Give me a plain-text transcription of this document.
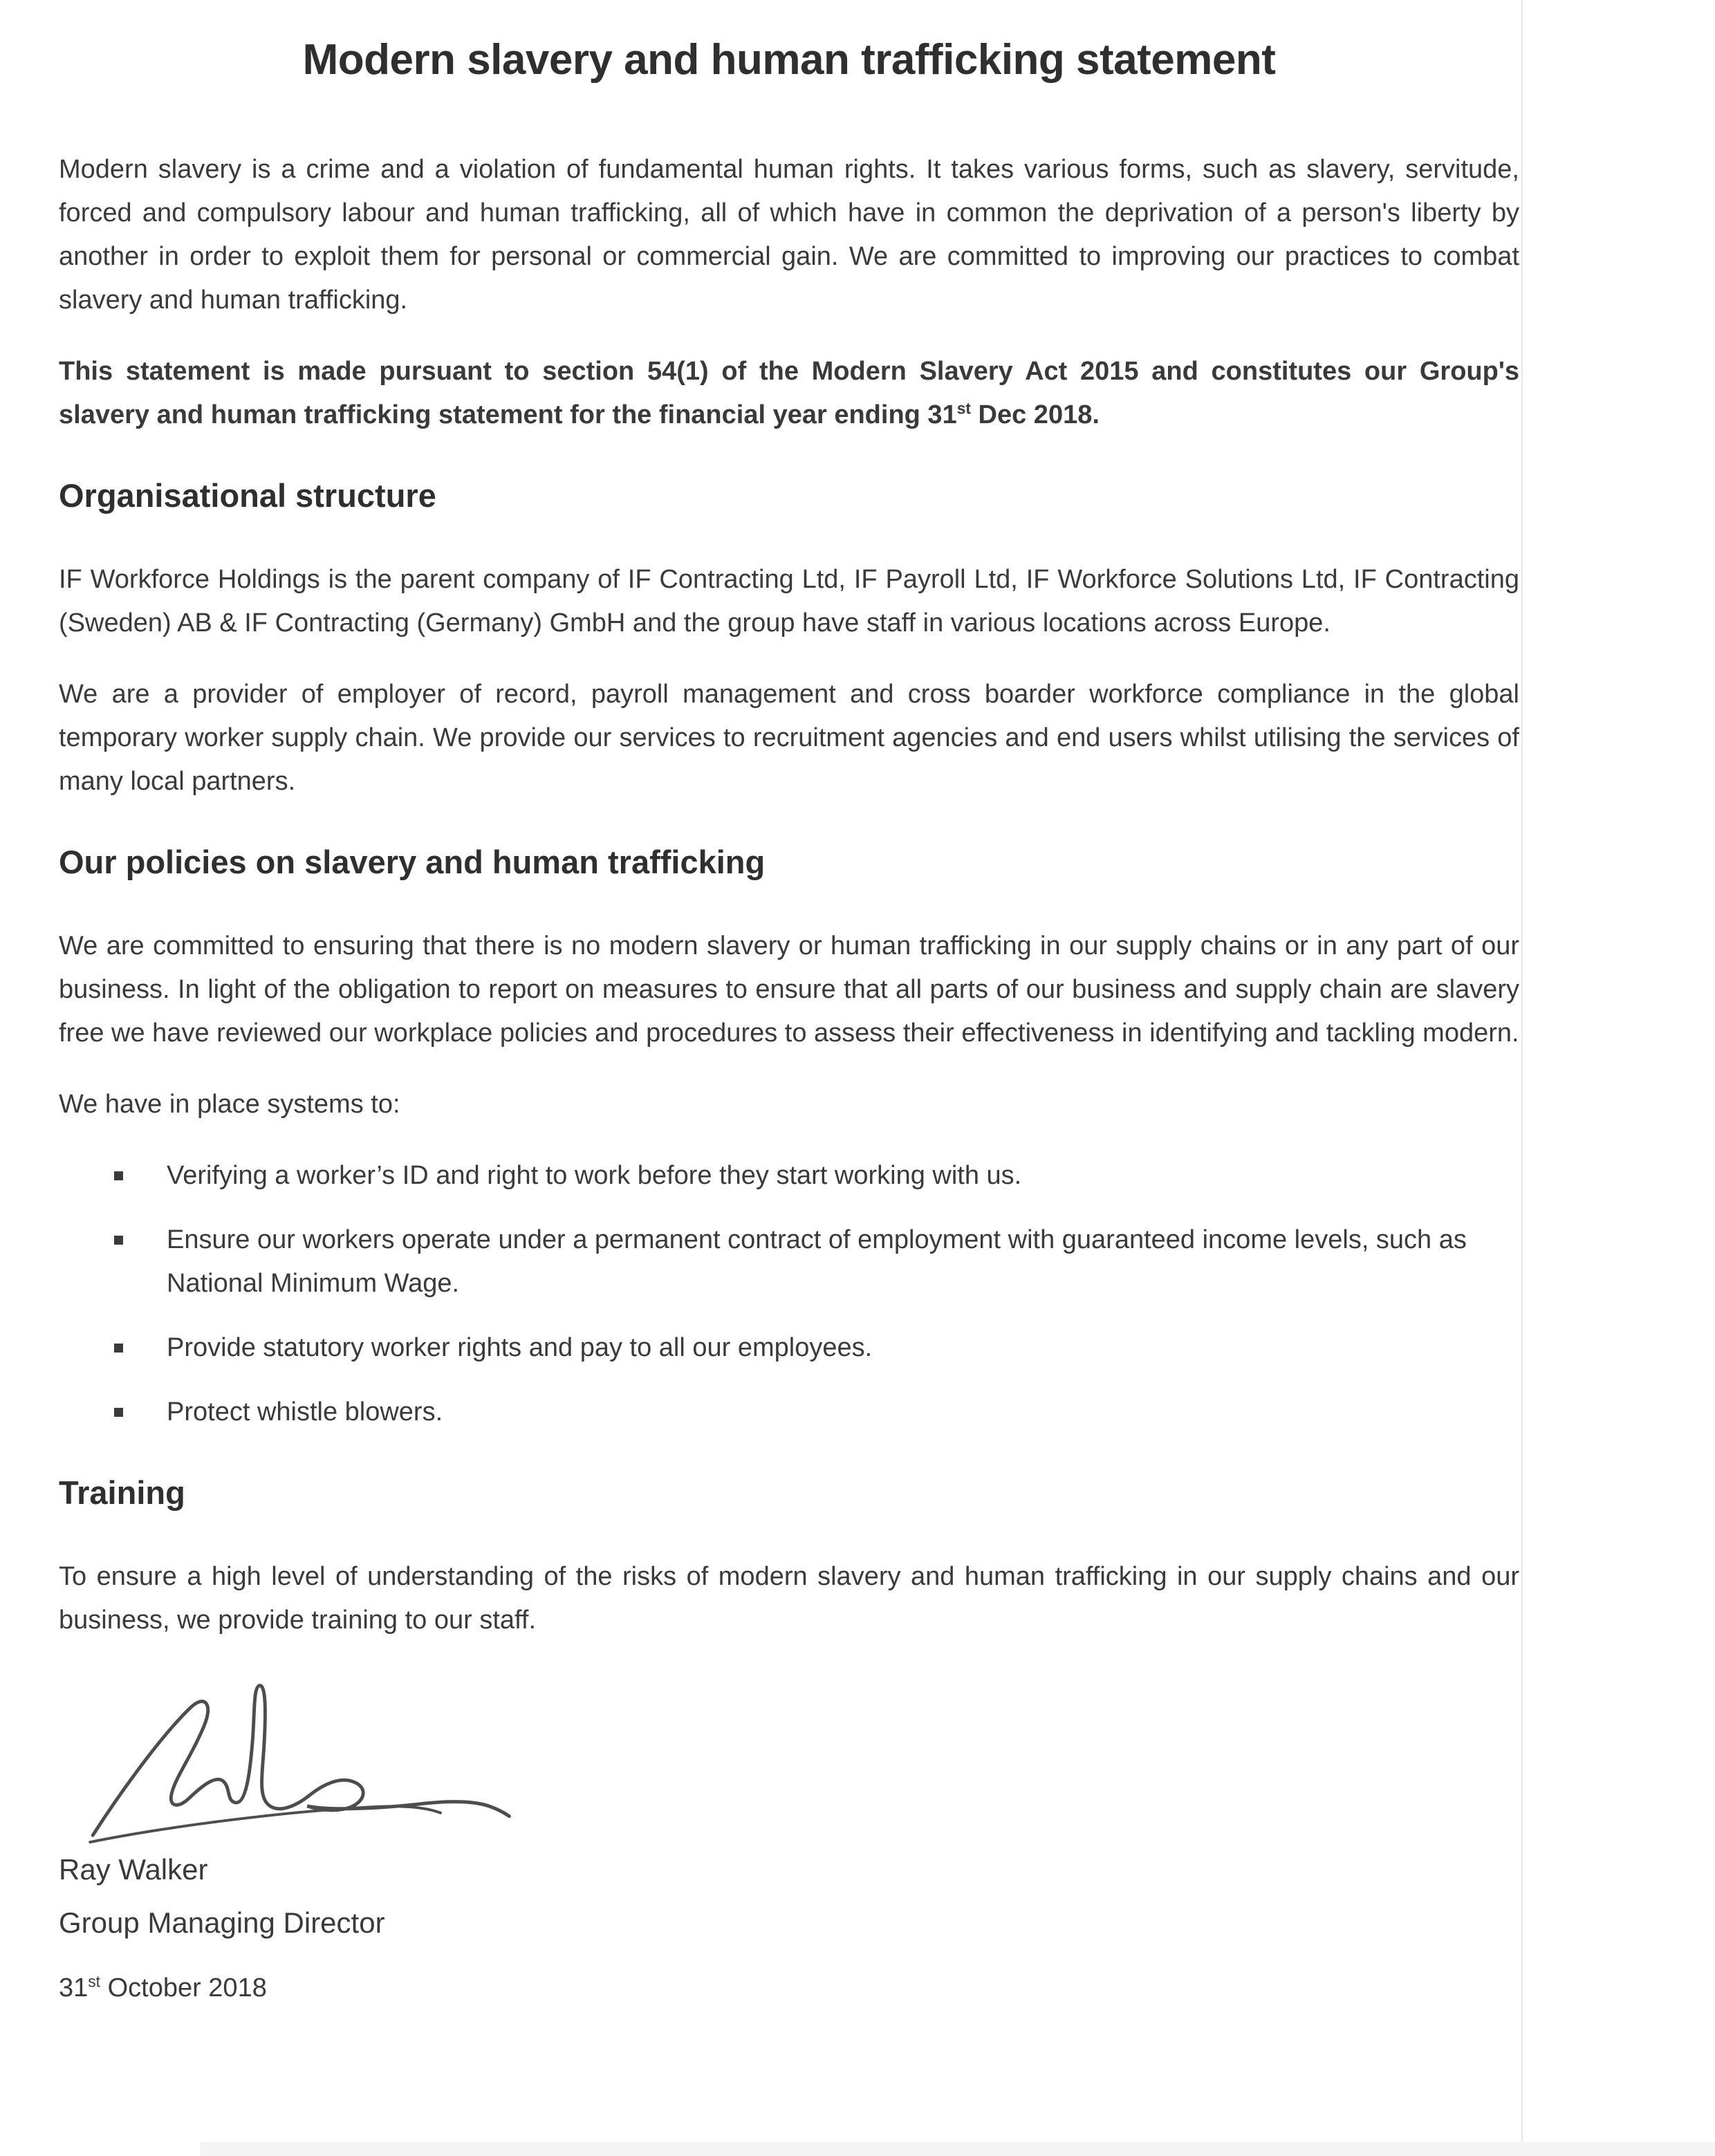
Modern slavery and human trafficking statement

Modern slavery is a crime and a violation of fundamental human rights. It takes various forms, such as slavery, servitude, forced and compulsory labour and human trafficking, all of which have in common the deprivation of a person's liberty by another in order to exploit them for personal or commercial gain. We are committed to improving our practices to combat slavery and human trafficking.

This statement is made pursuant to section 54(1) of the Modern Slavery Act 2015 and constitutes our Group's slavery and human trafficking statement for the financial year ending 31st Dec 2018.

Organisational structure

IF Workforce Holdings is the parent company of IF Contracting Ltd, IF Payroll Ltd, IF Workforce Solutions Ltd, IF Contracting (Sweden) AB & IF Contracting (Germany) GmbH and the group have staff in various locations across Europe.

We are a provider of employer of record, payroll management and cross boarder workforce compliance in the global temporary worker supply chain. We provide our services to recruitment agencies and end users whilst utilising the services of many local partners.

Our policies on slavery and human trafficking

We are committed to ensuring that there is no modern slavery or human trafficking in our supply chains or in any part of our business. In light of the obligation to report on measures to ensure that all parts of our business and supply chain are slavery free we have reviewed our workplace policies and procedures to assess their effectiveness in identifying and tackling modern.

We have in place systems to:

Verifying a worker’s ID and right to work before they start working with us.
Ensure our workers operate under a permanent contract of employment with guaranteed income levels, such as National Minimum Wage.
Provide statutory worker rights and pay to all our employees.
Protect whistle blowers.
Training

To ensure a high level of understanding of the risks of modern slavery and human trafficking in our supply chains and our business, we provide training to our staff.

Ray Walker

Group Managing Director

31st October 2018
